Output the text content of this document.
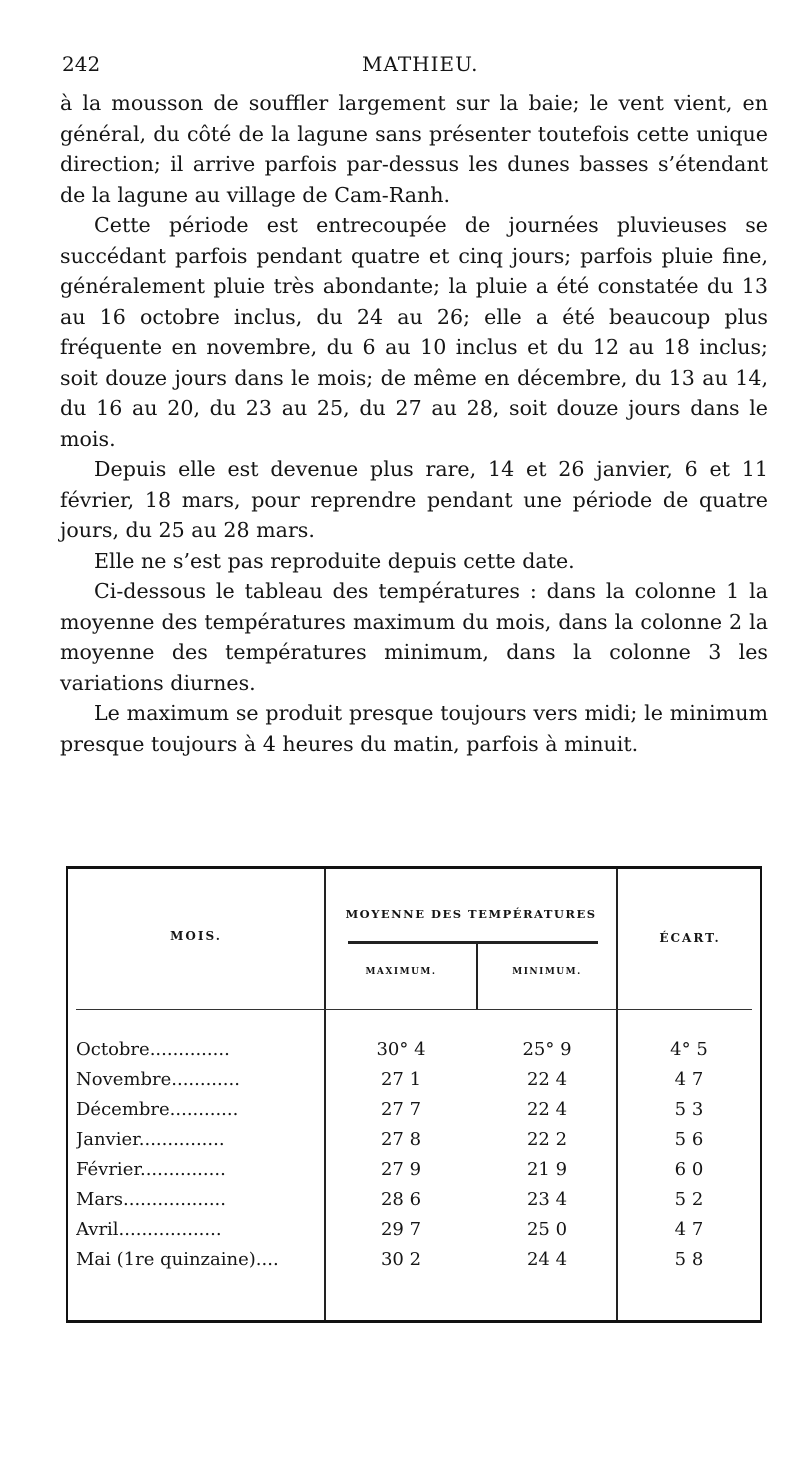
242	MATHIEU.

à la mousson de souffler largement sur la baie; le vent vient, en général, du côté de la lagune sans présenter toutefois cette unique direction; il arrive parfois par-dessus les dunes basses s’étendant de la lagune au village de Cam-Ranh.

Cette période est entrecoupée de journées pluvieuses se succédant parfois pendant quatre et cinq jours; parfois pluie fine, généralement pluie très abondante; la pluie a été constatée du 13 au 16 octobre inclus, du 24 au 26; elle a été beaucoup plus fréquente en novembre, du 6 au 10 inclus et du 12 au 18 inclus; soit douze jours dans le mois; de même en décembre, du 13 au 14, du 16 au 20, du 23 au 25, du 27 au 28, soit douze jours dans le mois.

Depuis elle est devenue plus rare, 14 et 26 janvier, 6 et 11 février, 18 mars, pour reprendre pendant une période de quatre jours, du 25 au 28 mars.

Elle ne s’est pas reproduite depuis cette date.

Ci-dessous le tableau des températures : dans la colonne 1 la moyenne des températures maximum du mois, dans la colonne 2 la moyenne des températures minimum, dans la colonne 3 les variations diurnes.

Le maximum se produit presque toujours vers midi; le minimum presque toujours à 4 heures du matin, parfois à minuit.

MOIS.
MOYENNE DES TEMPÉRATURES
ÉCART.
MAXIMUM.	MINIMUM.
Octobre..............	30° 4	25° 9	4° 5
Novembre............	27 1	22 4	4 7
Décembre............	27 7	22 4	5 3
Janvier...............	27 8	22 2	5 6
Février...............	27 9	21 9	6 0
Mars..................	28 6	23 4	5 2
Avril..................	29 7	25 0	4 7
Mai (1re quinzaine)....	30 2	24 4	5 8
